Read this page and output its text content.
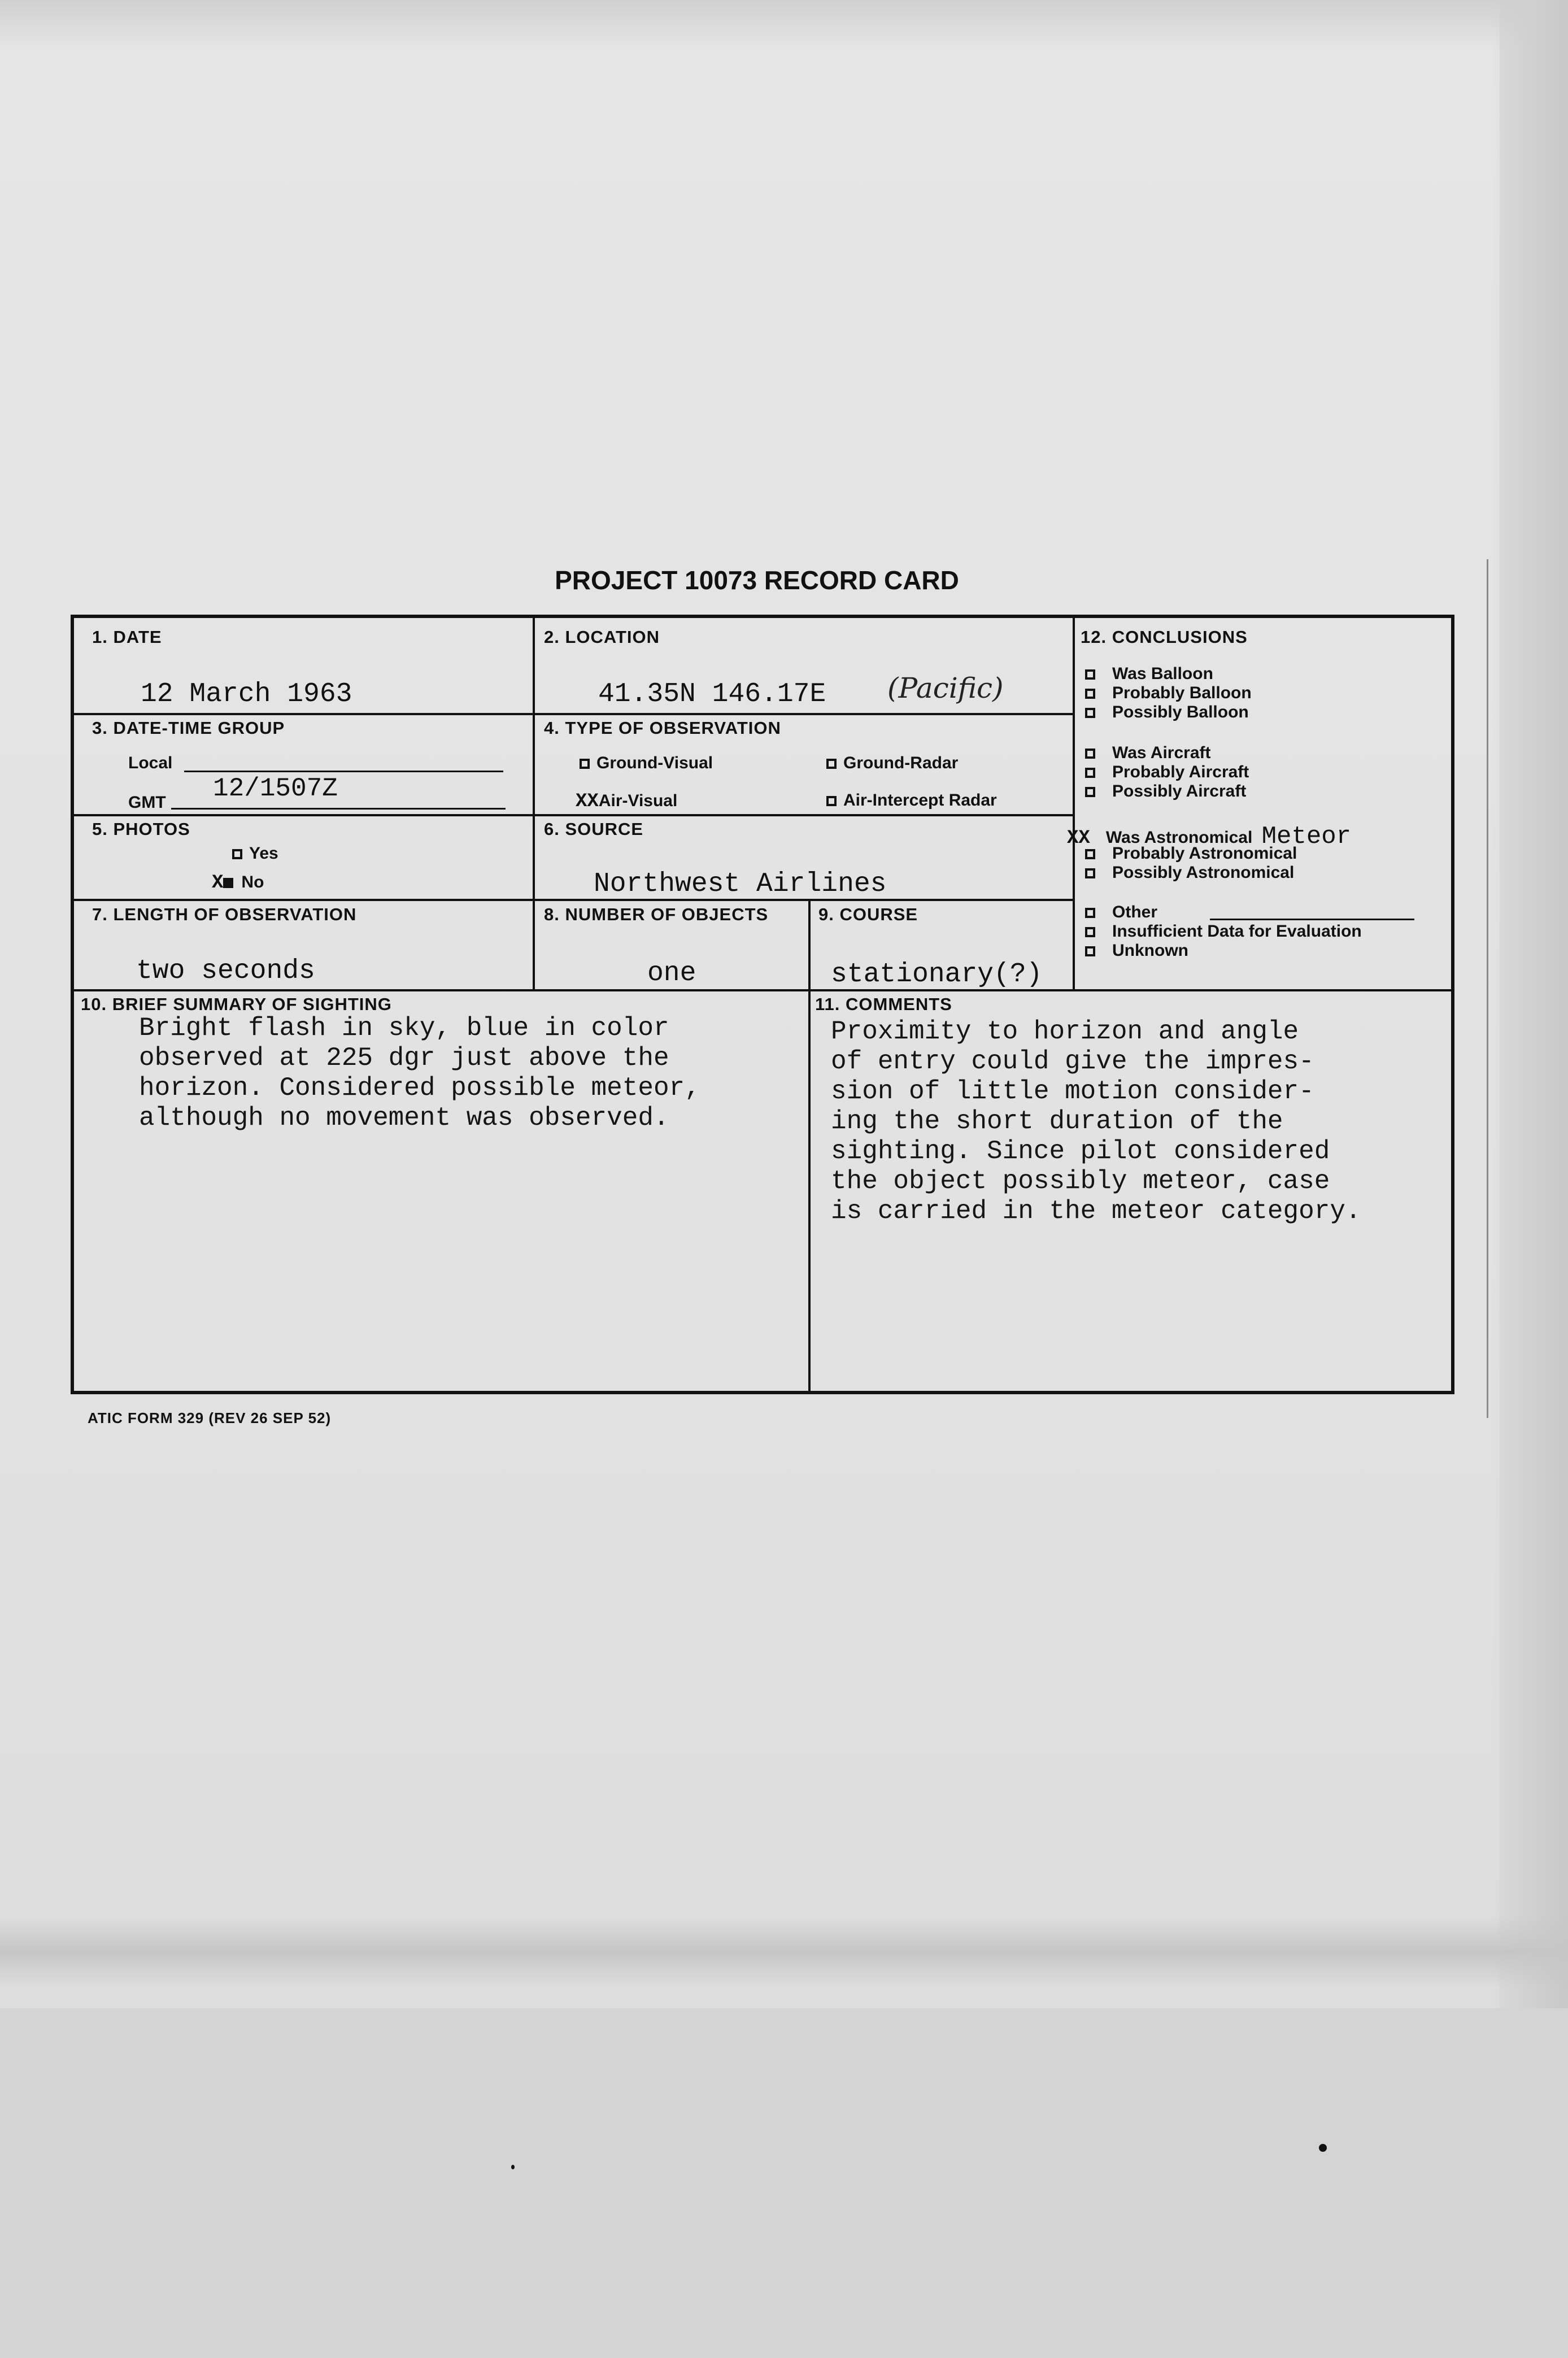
PROJECT 10073 RECORD CARD
1. DATE
12 March 1963
2. LOCATION
41.35N 146.17E (Pacific)
3. DATE-TIME GROUP
Local
GMT 12/1507Z
4. TYPE OF OBSERVATION
Ground-Visual	Ground-Radar
XXAir-Visual	Air-Intercept Radar
5. PHOTOS
Yes
X No
6. SOURCE
Northwest Airlines
7. LENGTH OF OBSERVATION
two seconds
8. NUMBER OF OBJECTS
one
9. COURSE
stationary(?)
12. CONCLUSIONS
Was Balloon
Probably Balloon
Possibly Balloon
Was Aircraft
Probably Aircraft
Possibly Aircraft
XX Was Astronomical Meteor
Probably Astronomical
Possibly Astronomical
Other
Insufficient Data for Evaluation
Unknown
10. BRIEF SUMMARY OF SIGHTING
Bright flash in sky, blue in color
observed at 225 dgr just above the
horizon. Considered possible meteor,
although no movement was observed.
11. COMMENTS
Proximity to horizon and angle
of entry could give the impres-
sion of little motion consider-
ing the short duration of the
sighting. Since pilot considered
the object possibly meteor, case
is carried in the meteor category.
ATIC FORM 329 (REV 26 SEP 52)
